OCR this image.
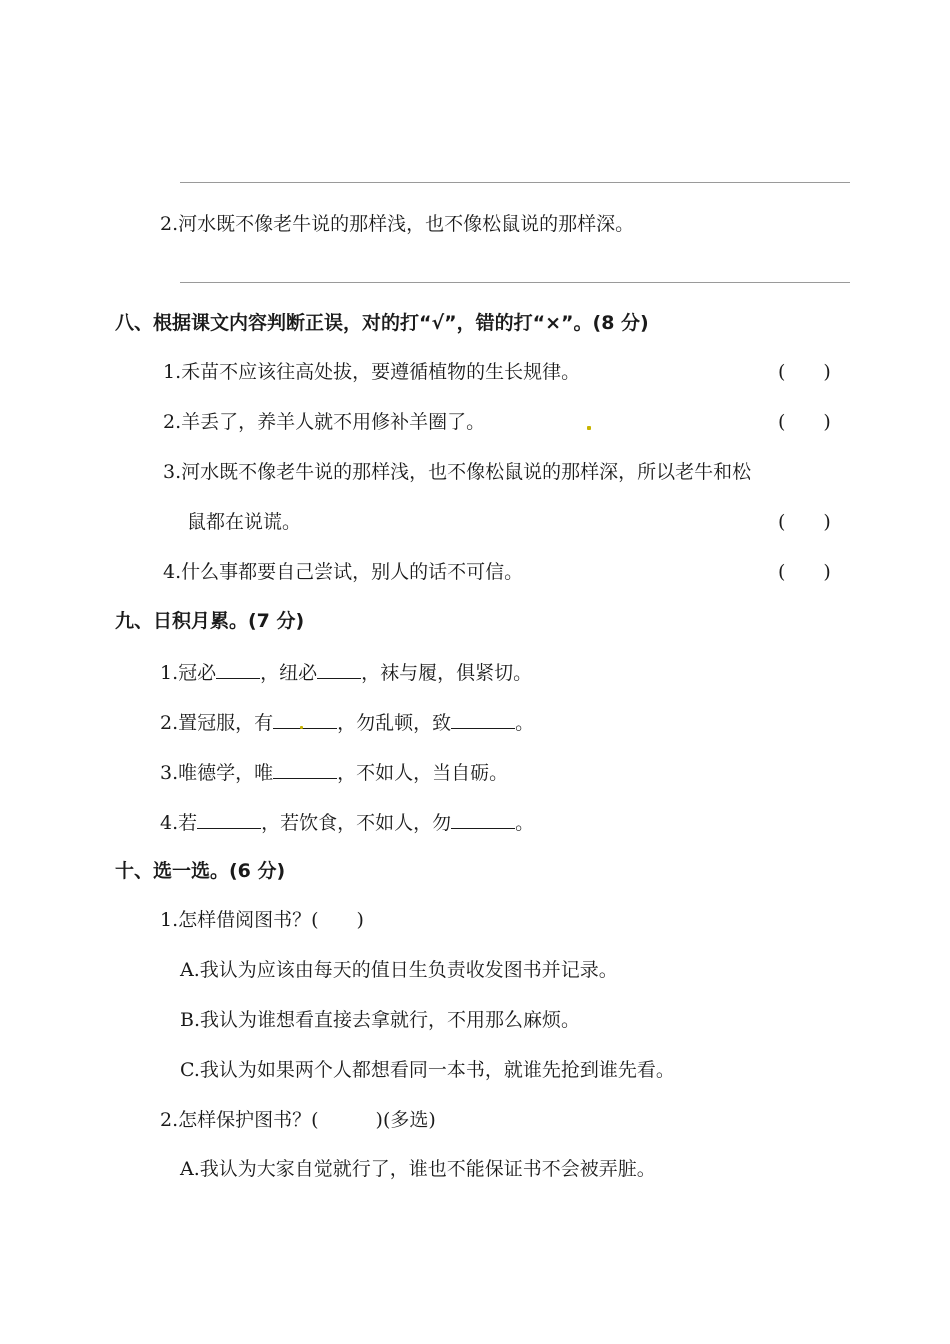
2.河水既不像老牛说的那样浅，也不像松鼠说的那样深。
八、根据课文内容判断正误，对的打“√”，错的打“×”。(8 分)
1.禾苗不应该往高处拔，要遵循植物的生长规律。	(　　)
2.羊丢了，养羊人就不用修补羊圈了。	(　　)
3.河水既不像老牛说的那样浅，也不像松鼠说的那样深，所以老牛和松
鼠都在说谎。	(　　)
4.什么事都要自己尝试，别人的话不可信。	(　　)
九、日积月累。(7 分)
1.冠必 ，纽必 ，袜与履，俱紧切。
2.置冠服，有	，勿乱顿，致	。
3.唯德学，唯	，不如人，当自砺。
4.若	，若饮食，不如人，勿	。
十、选一选。(6 分)
1.怎样借阅图书？(　　)
A.我认为应该由每天的值日生负责收发图书并记录。
B.我认为谁想看直接去拿就行，不用那么麻烦。
C.我认为如果两个人都想看同一本书，就谁先抢到谁先看。
2.怎样保护图书？(　　　)(多选)
A.我认为大家自觉就行了，谁也不能保证书不会被弄脏。
